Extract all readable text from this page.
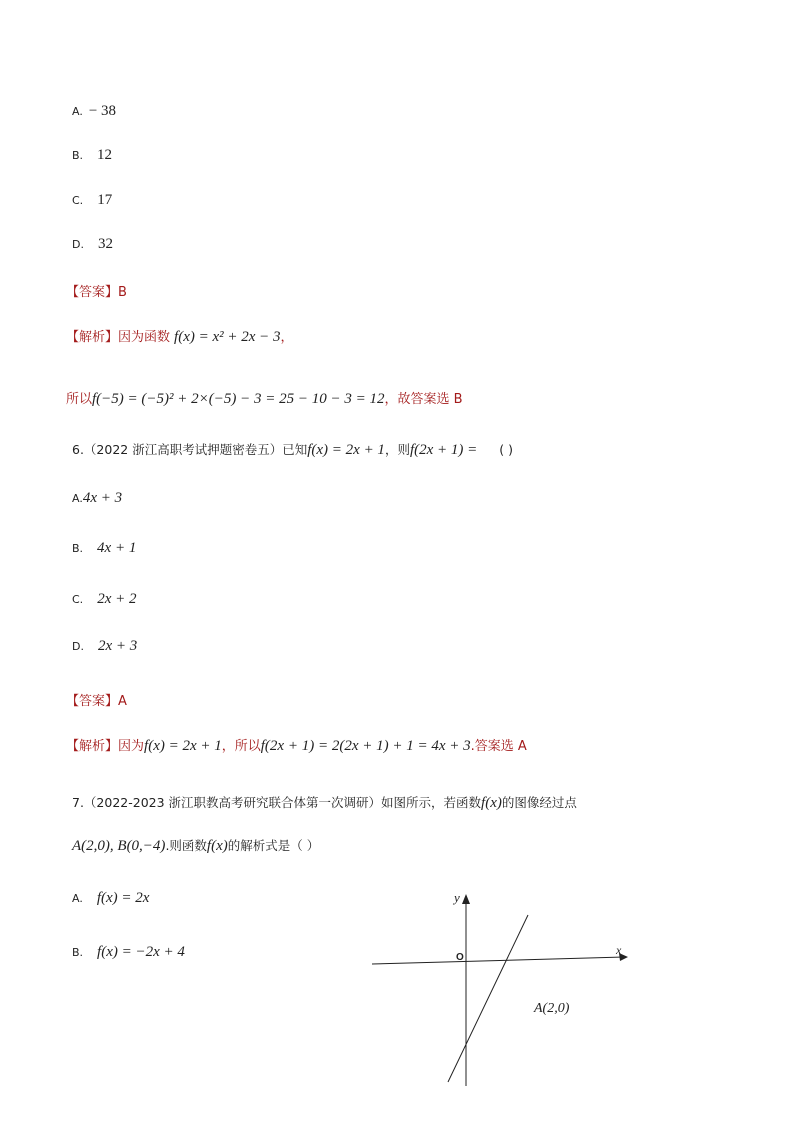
A. − 38
B. 12
C. 17
D. 32
【答案】B
【解析】因为函数 f(x) = x² + 2x − 3，
所以f(−5) = (−5)² + 2×(−5) − 3 = 25 − 10 − 3 = 12，故答案选 B
6.（2022 浙江高职考试押题密卷五）已知f(x) = 2x + 1，则f(2x + 1) = ( )
A.4x + 3
B. 4x + 1
C. 2x + 2
D. 2x + 3
【答案】A
【解析】因为f(x) = 2x + 1，所以f(2x + 1) = 2(2x + 1) + 1 = 4x + 3.答案选 A
7.（2022-2023 浙江职教高考研究联合体第一次调研）如图所示，若函数f(x)的图像经过点
A(2,0), B(0,−4).则函数f(x)的解析式是（ ）
A. f(x) = 2x
B. f(x) = −2x + 4
y
x
O
A(2,0)
